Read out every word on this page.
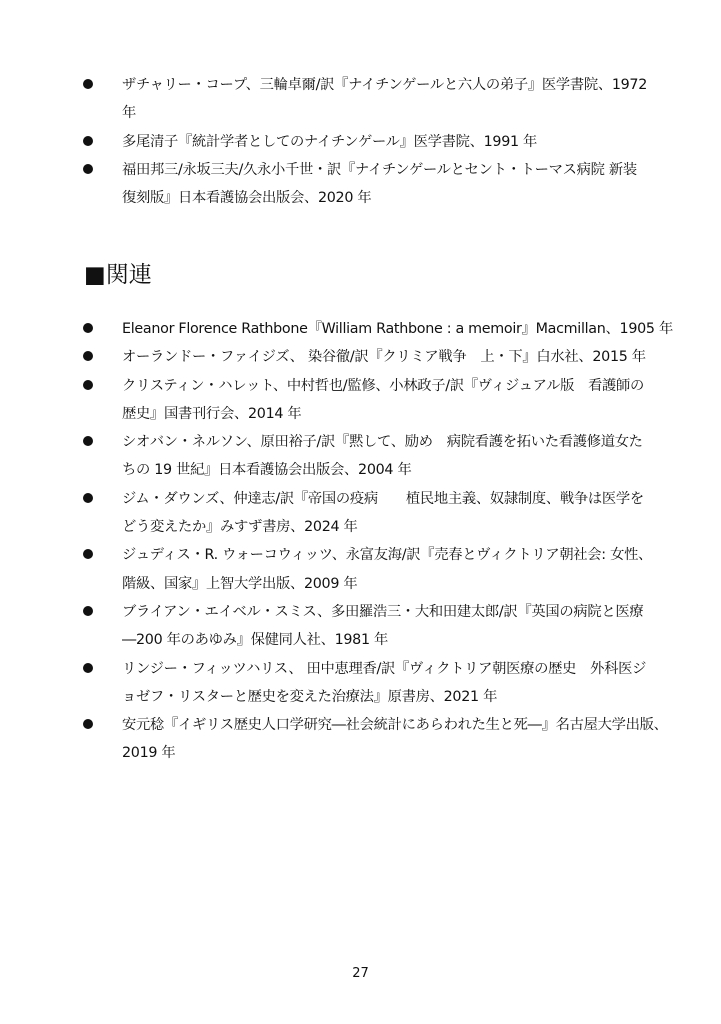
ザチャリー・コープ、三輪卓爾/訳『ナイチンゲールと六人の弟子』医学書院、1972
年
多尾清子『統計学者としてのナイチンゲール』医学書院、1991 年
福田邦三/永坂三夫/久永小千世・訳『ナイチンゲールとセント・トーマス病院 新装
復刻版』日本看護協会出版会、2020 年
■関連
Eleanor Florence Rathbone『William Rathbone : a memoir』Macmillan、1905 年
オーランドー・ファイジズ、 染谷徹/訳『クリミア戦争　上・下』白水社、2015 年
クリスティン・ハレット、中村哲也/監修、小林政子/訳『ヴィジュアル版　看護師の
歴史』国書刊行会、2014 年
シオバン・ネルソン、原田裕子/訳『黙して、励め　病院看護を拓いた看護修道女た
ちの 19 世紀』日本看護協会出版会、2004 年
ジム・ダウンズ、仲達志/訳『帝国の疫病　　植民地主義、奴隷制度、戦争は医学を
どう変えたか』みすず書房、2024 年
ジュディス・R. ウォーコウィッツ、永富友海/訳『売春とヴィクトリア朝社会: 女性、
階級、国家』上智大学出版、2009 年
ブライアン・エイベル・スミス、多田羅浩三・大和田建太郎/訳『英国の病院と医療
―200 年のあゆみ』保健同人社、1981 年
リンジー・フィッツハリス、 田中恵理香/訳『ヴィクトリア朝医療の歴史　外科医ジ
ョゼフ・リスターと歴史を変えた治療法』原書房、2021 年
安元稔『イギリス歴史人口学研究―社会統計にあらわれた生と死―』名古屋大学出版、
2019 年
27
